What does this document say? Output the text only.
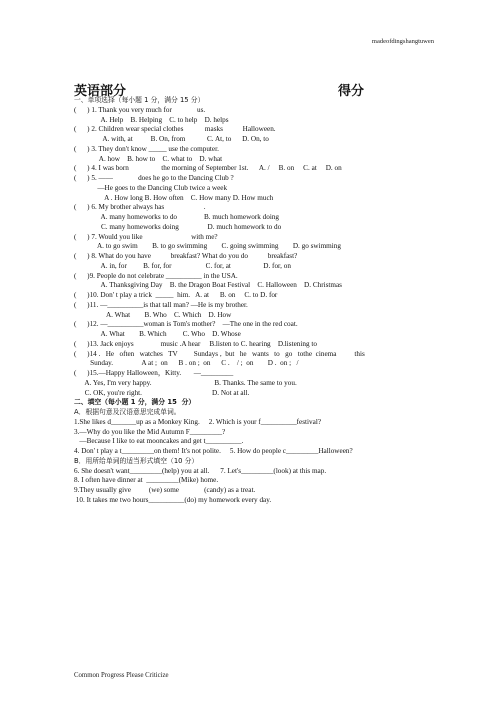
madeofdingshangtuwen
英语部分	得分
一、单项选择（每小题 1 分，满分 15 分）
(      ) 1. Thank you very much for              us.
A. Help    B. Helping    C. to help    D. helps
(      ) 2. Children wear special clothes            masks           Halloween.
A. with, at          B. On, from            C. At, to      D. On, to
(      ) 3. They don't know _____ use the computer.
A. how    B. how to    C. what to    D. what
(      ) 4. I was born                  the morning of September 1st.      A. /     B. on     C. at     D. on
(      ) 5. ——              does he go to the Dancing Club ?
—He goes to the Dancing Club twice a week
A . How long B. How often    C. How many D. How much
(      ) 6. My brother always has                      .
A. many homeworks to do               B. much homework doing
C. many homeworks doing                D. much homework to do
(      ) 7. Would you like                           with me?
A. to go swim        B. to go swimming        C. going swimming        D. go swimming
(      ) 8. What do you have           breakfast? What do you do           breakfast?
A. in, for         B. for, for                   C. for, at                  D. for, on
(      )9. People do not celebrate __________ in the USA.
A. Thanksgiving Day    B. the Dragon Boat Festival    C. Halloween    D. Christmas
(      )10. Don' t play a trick  _____  him.   A. at      B. on     C. to D. for
(      )11. —__________is that tall man? —He is my brother.
A. What        B. Who    C. Which    D. How
(      )12. —__________woman is Tom's mother?    —The one in the red coat.
A. What        B. Which         C. Who    D. Whose
(      )13. Jack enjoys               music .A hear     B.listen to C. hearing    D.listening to
(      )14 .   He   often   watches   TV         Sundays ,  but   he   wants   to   go   tothe  cinema          this
Sunday.                A at ;  on      B . on ;  on      C .    / ;  on        D .  on ;   /
(      )15.—Happy Halloween，Kitty.       —_________
A. Yes, I'm very happy.                                   B. Thanks. The same to you.
C. OK, you're right.                                       D. Not at all.
二、填空（每小题 1 分，满分 15  分）
A．根据句意及汉语意思完成单词。
1.She likes d_______up as a Monkey King.     2. Which is your f__________festival?
3.—Why do you like the Mid Autumn F_________?
—Because I like to eat mooncakes and get t__________.
4. Don' t play a t_________on them! It's not polite.     5. How do people c_________Halloween?
B．用所给单词的适当形式填空（10 分）
6. She doesn't want_________(help) you at all.      7. Let's_________(look) at this map.
8. I often have dinner at  _________(Mike) home.
9.They usually give          (we) some              (candy) as a treat.
10. It takes me two hours__________(do) my homework every day.
Common Progress Please Criticize
